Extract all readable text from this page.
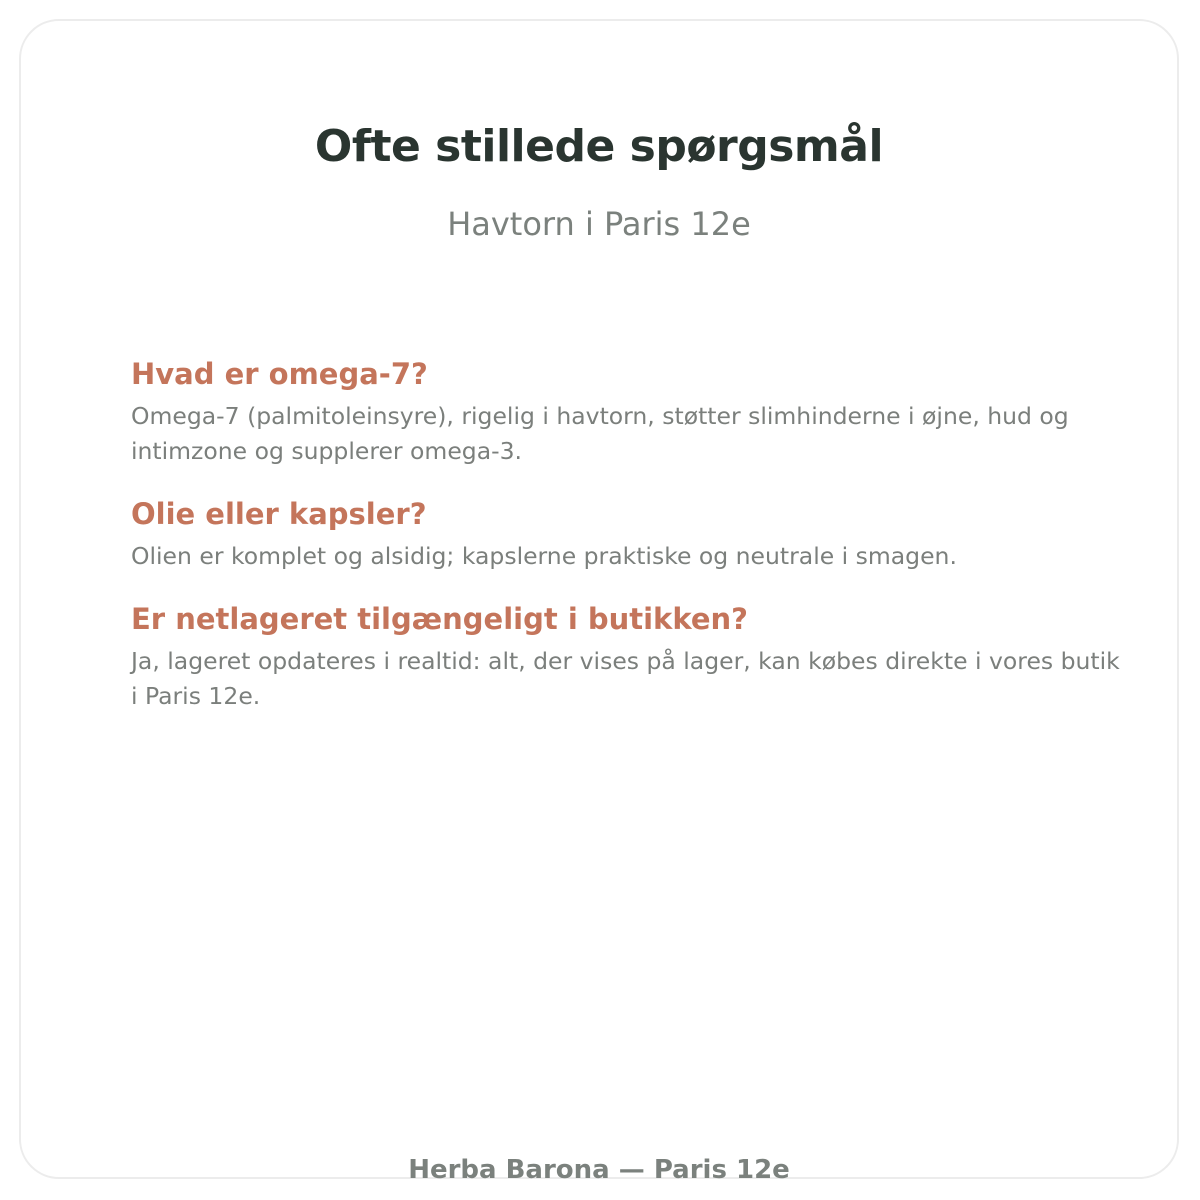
Ofte stillede spørgsmål
Havtorn i Paris 12e
Hvad er omega-7?

Omega-7 (palmitoleinsyre), rigelig i havtorn, støtter slimhinderne i øjne, hud og intimzone og supplerer omega-3.

Olie eller kapsler?

Olien er komplet og alsidig; kapslerne praktiske og neutrale i smagen.

Er netlageret tilgængeligt i butikken?

Ja, lageret opdateres i realtid: alt, der vises på lager, kan købes direkte i vores butik i Paris 12e.

Herba Barona — Paris 12e
